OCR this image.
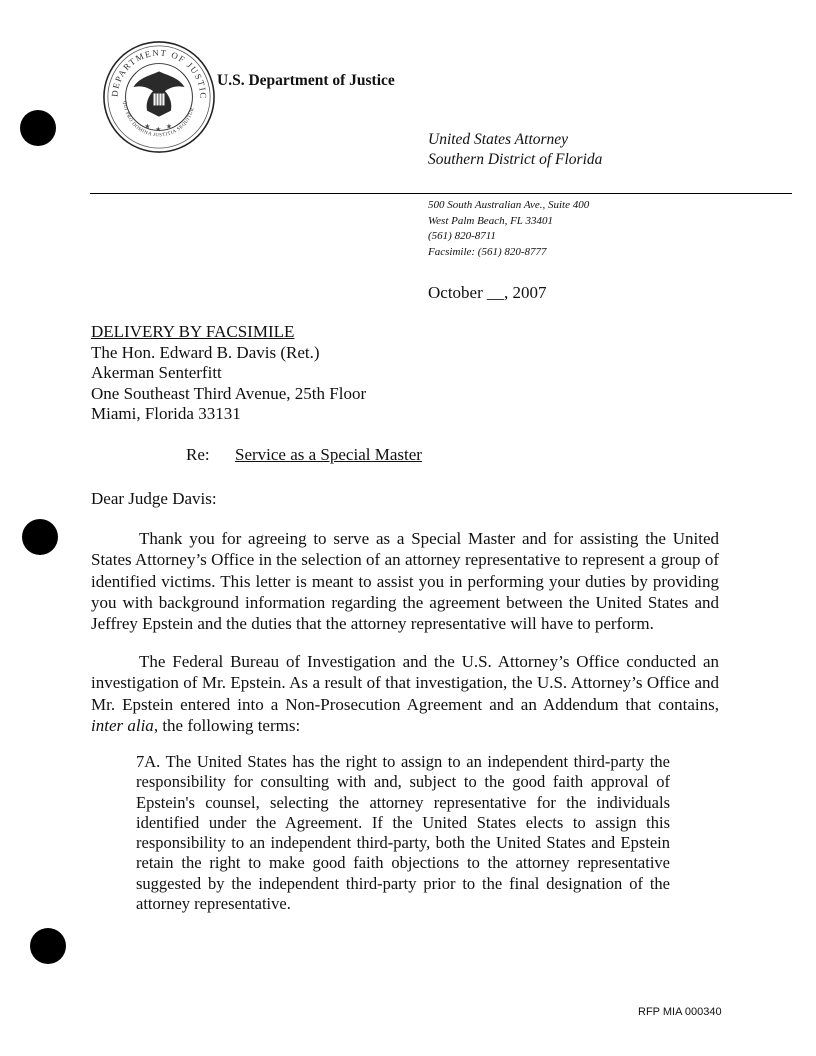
DEPARTMENT OF JUSTIC
QUI PRO DOMINA JUSTITIA SEQUITUR
★ ★ ★
U.S. Department of Justice
United States Attorney
Southern District of Florida
500 South Australian Ave., Suite 400
West Palm Beach, FL 33401
(561) 820-8711
Facsimile: (561) 820-8777
October __, 2007
DELIVERY BY FACSIMILE
The Hon. Edward B. Davis (Ret.)
Akerman Senterfitt
One Southeast Third Avenue, 25th Floor
Miami, Florida 33131
Re: Service as a Special Master
Dear Judge Davis:

Thank you for agreeing to serve as a Special Master and for assisting the United States Attorney’s Office in the selection of an attorney representative to represent a group of identified victims. This letter is meant to assist you in performing your duties by providing you with background information regarding the agreement between the United States and Jeffrey Epstein and the duties that the attorney representative will have to perform.

The Federal Bureau of Investigation and the U.S. Attorney’s Office conducted an investigation of Mr. Epstein. As a result of that investigation, the U.S. Attorney’s Office and Mr. Epstein entered into a Non-Prosecution Agreement and an Addendum that contains, inter alia, the following terms:

7A. The United States has the right to assign to an independent third-party the responsibility for consulting with and, subject to the good faith approval of Epstein's counsel, selecting the attorney representative for the individuals identified under the Agreement. If the United States elects to assign this responsibility to an independent third-party, both the United States and Epstein retain the right to make good faith objections to the attorney representative suggested by the independent third-party prior to the final designation of the attorney representative.
RFP MIA 000340
